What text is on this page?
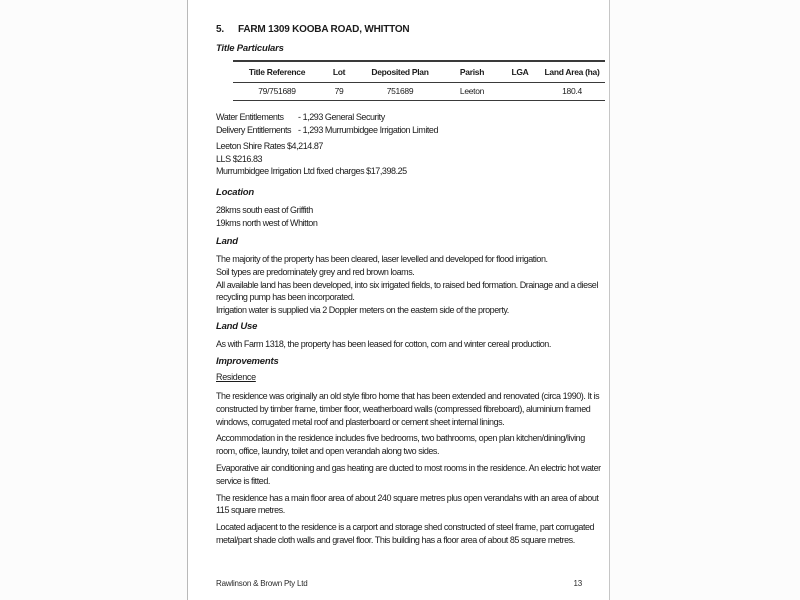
5.	FARM 1309 KOOBA ROAD, WHITTON
Title Particulars
Title Reference	Lot	Deposited Plan	Parish	LGA	Land Area (ha)
79/751689	79	751689	Leeton		180.4
Water Entitlements	- 1,293 General Security
Delivery Entitlements - 1,293 Murrumbidgee Irrigation Limited
Leeton Shire Rates $4,214.87
LLS $216.83
Murrumbidgee Irrigation Ltd fixed charges $17,398.25
Location
28kms south east of Griffith
19kms north west of Whitton
Land
The majority of the property has been cleared, laser levelled and developed for flood irrigation.
Soil types are predominately grey and red brown loams.
All available land has been developed, into six irrigated fields, to raised bed formation. Drainage and a diesel recycling pump has been incorporated.
Irrigation water is supplied via 2 Doppler meters on the eastern side of the property.
Land Use
As with Farm 1318, the property has been leased for cotton, corn and winter cereal production.
Improvements
Residence

The residence was originally an old style fibro home that has been extended and renovated (circa 1990). It is constructed by timber frame, timber floor, weatherboard walls (compressed fibreboard), aluminium framed windows, corrugated metal roof and plasterboard or cement sheet internal linings.

Accommodation in the residence includes five bedrooms, two bathrooms, open plan kitchen/dining/living room, office, laundry, toilet and open verandah along two sides.

Evaporative air conditioning and gas heating are ducted to most rooms in the residence. An electric hot water service is fitted.

The residence has a main floor area of about 240 square metres plus open verandahs with an area of about 115 square metres.

Located adjacent to the residence is a carport and storage shed constructed of steel frame, part corrugated metal/part shade cloth walls and gravel floor. This building has a floor area of about 85 square metres.

Rawlinson & Brown Pty Ltd	13
